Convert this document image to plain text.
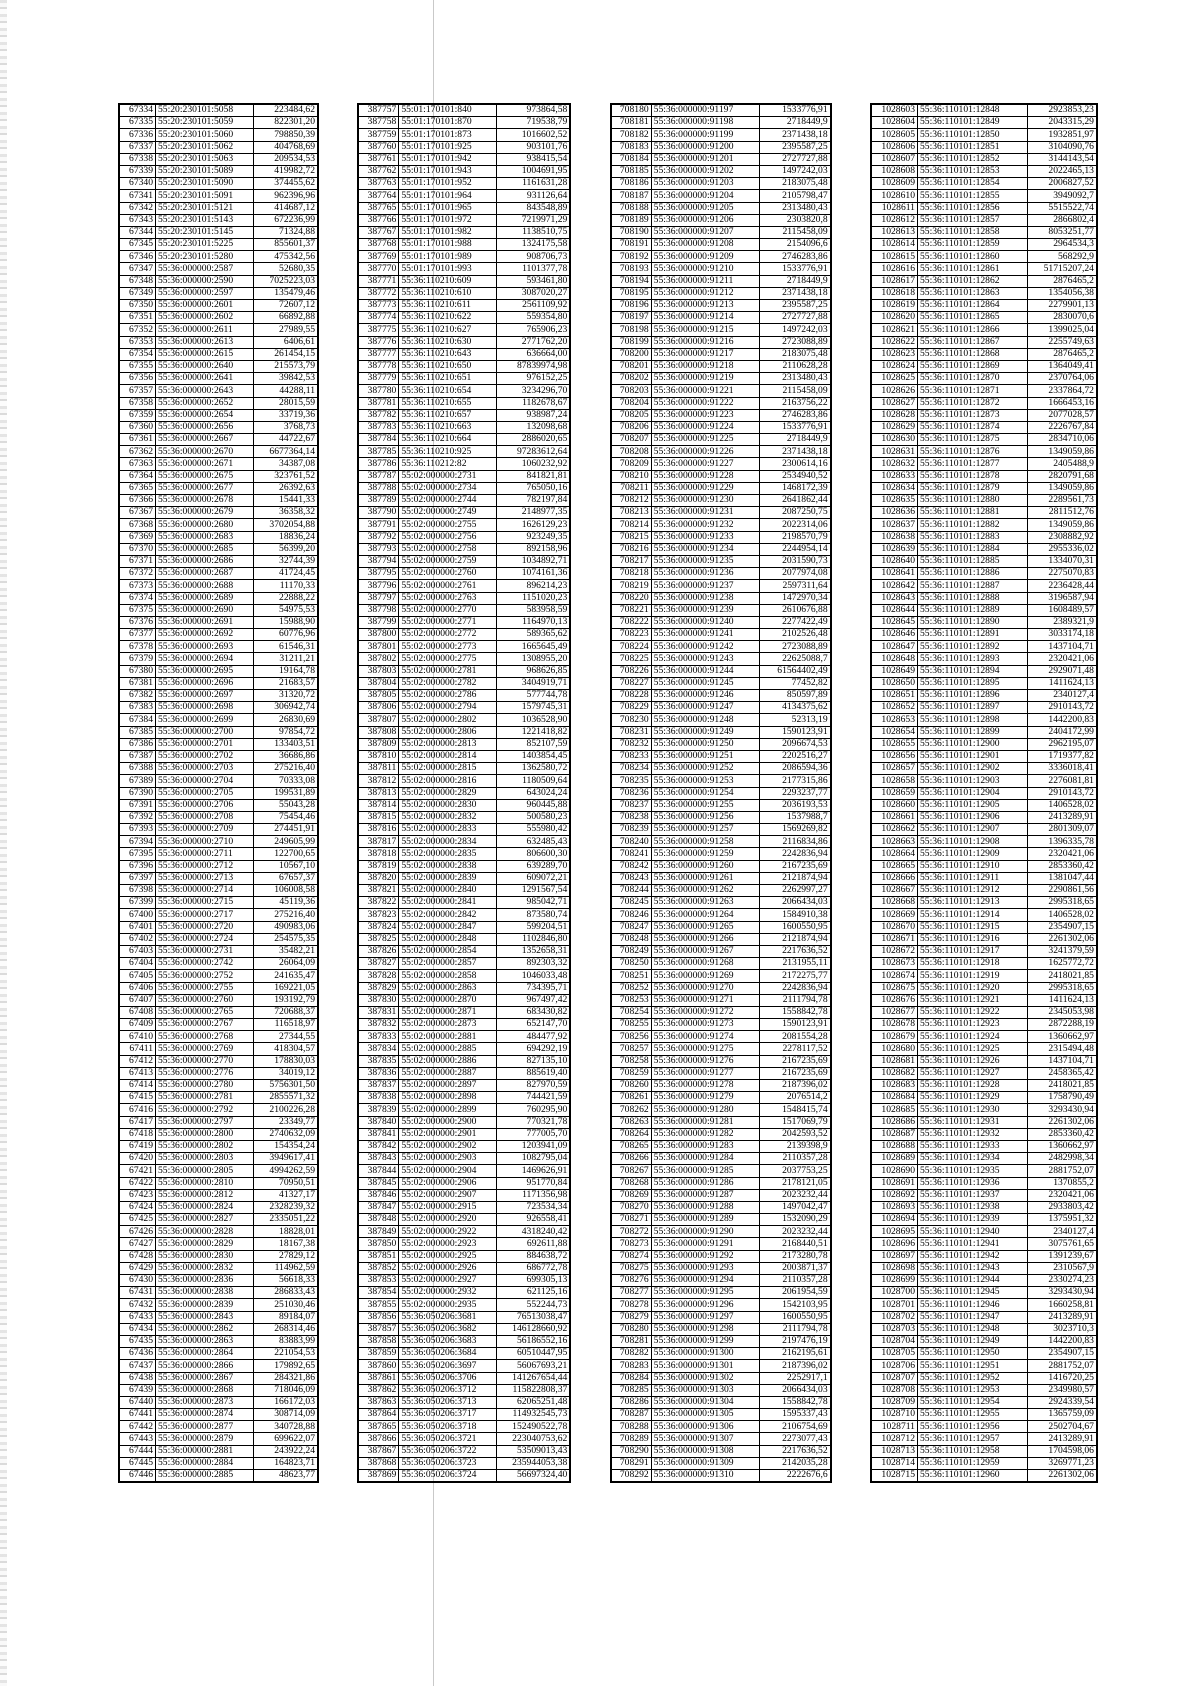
67334	55:20:230101:5058	223484,62
67335	55:20:230101:5059	822301,20
67336	55:20:230101:5060	798850,39
67337	55:20:230101:5062	404768,69
67338	55:20:230101:5063	209534,53
67339	55:20:230101:5089	419982,72
67340	55:20:230101:5090	374455,62
67341	55:20:230101:5091	962396,96
67342	55:20:230101:5121	414687,12
67343	55:20:230101:5143	672236,99
67344	55:20:230101:5145	71324,88
67345	55:20:230101:5225	855601,37
67346	55:20:230101:5280	475342,56
67347	55:36:000000:2587	52680,35
67348	55:36:000000:2590	7025223,03
67349	55:36:000000:2597	135479,46
67350	55:36:000000:2601	72607,12
67351	55:36:000000:2602	66892,88
67352	55:36:000000:2611	27989,55
67353	55:36:000000:2613	6406,61
67354	55:36:000000:2615	261454,15
67355	55:36:000000:2640	215573,79
67356	55:36:000000:2641	39842,53
67357	55:36:000000:2643	44288,11
67358	55:36:000000:2652	28015,59
67359	55:36:000000:2654	33719,36
67360	55:36:000000:2656	3768,73
67361	55:36:000000:2667	44722,67
67362	55:36:000000:2670	6677364,14
67363	55:36:000000:2671	34387,08
67364	55:36:000000:2675	323761,52
67365	55:36:000000:2677	26392,63
67366	55:36:000000:2678	15441,33
67367	55:36:000000:2679	36358,32
67368	55:36:000000:2680	3702054,88
67369	55:36:000000:2683	18836,24
67370	55:36:000000:2685	56399,20
67371	55:36:000000:2686	32744,39
67372	55:36:000000:2687	41724,45
67373	55:36:000000:2688	11170,33
67374	55:36:000000:2689	22888,22
67375	55:36:000000:2690	54975,53
67376	55:36:000000:2691	15988,90
67377	55:36:000000:2692	60776,96
67378	55:36:000000:2693	61546,31
67379	55:36:000000:2694	31211,21
67380	55:36:000000:2695	19164,78
67381	55:36:000000:2696	21683,57
67382	55:36:000000:2697	31320,72
67383	55:36:000000:2698	306942,74
67384	55:36:000000:2699	26830,69
67385	55:36:000000:2700	97854,72
67386	55:36:000000:2701	133403,51
67387	55:36:000000:2702	36686,86
67388	55:36:000000:2703	275216,40
67389	55:36:000000:2704	70333,08
67390	55:36:000000:2705	199531,89
67391	55:36:000000:2706	55043,28
67392	55:36:000000:2708	75454,46
67393	55:36:000000:2709	274451,91
67394	55:36:000000:2710	249605,99
67395	55:36:000000:2711	122700,65
67396	55:36:000000:2712	10567,10
67397	55:36:000000:2713	67657,37
67398	55:36:000000:2714	106008,58
67399	55:36:000000:2715	45119,36
67400	55:36:000000:2717	275216,40
67401	55:36:000000:2720	490983,06
67402	55:36:000000:2724	254575,35
67403	55:36:000000:2731	35482,21
67404	55:36:000000:2742	26064,09
67405	55:36:000000:2752	241635,47
67406	55:36:000000:2755	169221,05
67407	55:36:000000:2760	193192,79
67408	55:36:000000:2765	720688,37
67409	55:36:000000:2767	116518,97
67410	55:36:000000:2768	27344,55
67411	55:36:000000:2769	418304,57
67412	55:36:000000:2770	178830,03
67413	55:36:000000:2776	34019,12
67414	55:36:000000:2780	5756301,50
67415	55:36:000000:2781	2855571,32
67416	55:36:000000:2792	2100226,28
67417	55:36:000000:2797	23349,77
67418	55:36:000000:2800	2740632,09
67419	55:36:000000:2802	154354,24
67420	55:36:000000:2803	3949617,41
67421	55:36:000000:2805	4994262,59
67422	55:36:000000:2810	70950,51
67423	55:36:000000:2812	41327,17
67424	55:36:000000:2824	2328239,32
67425	55:36:000000:2827	2335051,22
67426	55:36:000000:2828	18828,01
67427	55:36:000000:2829	18167,38
67428	55:36:000000:2830	27829,12
67429	55:36:000000:2832	114962,59
67430	55:36:000000:2836	56618,33
67431	55:36:000000:2838	286833,43
67432	55:36:000000:2839	251030,46
67433	55:36:000000:2843	89184,07
67434	55:36:000000:2862	268314,46
67435	55:36:000000:2863	83883,99
67436	55:36:000000:2864	221054,53
67437	55:36:000000:2866	179892,65
67438	55:36:000000:2867	284321,86
67439	55:36:000000:2868	718046,09
67440	55:36:000000:2873	166172,03
67441	55:36:000000:2874	308714,09
67442	55:36:000000:2877	340728,88
67443	55:36:000000:2879	699622,07
67444	55:36:000000:2881	243922,24
67445	55:36:000000:2884	164823,71
67446	55:36:000000:2885	48623,77
387757	55:01:170101:840	973864,58
387758	55:01:170101:870	719538,79
387759	55:01:170101:873	1016602,52
387760	55:01:170101:925	903101,76
387761	55:01:170101:942	938415,54
387762	55:01:170101:943	1004691,95
387763	55:01:170101:952	1161631,28
387764	55:01:170101:964	931126,64
387765	55:01:170101:965	843548,89
387766	55:01:170101:972	7219971,29
387767	55:01:170101:982	1138510,75
387768	55:01:170101:988	1324175,58
387769	55:01:170101:989	908706,73
387770	55:01:170101:993	1101377,78
387771	55:36:110210:609	593461,80
387772	55:36:110210:610	3087020,27
387773	55:36:110210:611	2561109,92
387774	55:36:110210:622	559354,80
387775	55:36:110210:627	765906,23
387776	55:36:110210:630	2771762,20
387777	55:36:110210:643	636664,00
387778	55:36:110210:650	87839974,98
387779	55:36:110210:651	976152,25
387780	55:36:110210:654	3234296,70
387781	55:36:110210:655	1182678,67
387782	55:36:110210:657	938987,24
387783	55:36:110210:663	132098,68
387784	55:36:110210:664	2886020,65
387785	55:36:110210:925	97283612,64
387786	55:36:110212:82	1060232,92
387787	55:02:000000:2731	841821,81
387788	55:02:000000:2734	765050,16
387789	55:02:000000:2744	782197,84
387790	55:02:000000:2749	2148977,35
387791	55:02:000000:2755	1626129,23
387792	55:02:000000:2756	923249,35
387793	55:02:000000:2758	892158,96
387794	55:02:000000:2759	1034892,71
387795	55:02:000000:2760	1074161,36
387796	55:02:000000:2761	896214,23
387797	55:02:000000:2763	1151020,23
387798	55:02:000000:2770	583958,59
387799	55:02:000000:2771	1164970,13
387800	55:02:000000:2772	589365,62
387801	55:02:000000:2773	1665645,49
387802	55:02:000000:2775	1308955,20
387803	55:02:000000:2781	968626,85
387804	55:02:000000:2782	3404919,71
387805	55:02:000000:2786	577744,78
387806	55:02:000000:2794	1579745,31
387807	55:02:000000:2802	1036528,90
387808	55:02:000000:2806	1221418,82
387809	55:02:000000:2813	852107,59
387810	55:02:000000:2814	1403854,45
387811	55:02:000000:2815	1362580,72
387812	55:02:000000:2816	1180509,64
387813	55:02:000000:2829	643024,24
387814	55:02:000000:2830	960445,88
387815	55:02:000000:2832	500580,23
387816	55:02:000000:2833	555980,42
387817	55:02:000000:2834	632485,43
387818	55:02:000000:2835	806600,30
387819	55:02:000000:2838	639289,70
387820	55:02:000000:2839	609072,21
387821	55:02:000000:2840	1291567,54
387822	55:02:000000:2841	985042,71
387823	55:02:000000:2842	873580,74
387824	55:02:000000:2847	599204,51
387825	55:02:000000:2848	1102846,80
387826	55:02:000000:2854	1352658,31
387827	55:02:000000:2857	892303,32
387828	55:02:000000:2858	1046033,48
387829	55:02:000000:2863	734395,71
387830	55:02:000000:2870	967497,42
387831	55:02:000000:2871	683430,82
387832	55:02:000000:2873	652147,70
387833	55:02:000000:2881	484477,92
387834	55:02:000000:2885	694292,19
387835	55:02:000000:2886	827135,10
387836	55:02:000000:2887	885619,40
387837	55:02:000000:2897	827970,59
387838	55:02:000000:2898	744421,59
387839	55:02:000000:2899	760295,90
387840	55:02:000000:2900	770321,78
387841	55:02:000000:2901	777005,70
387842	55:02:000000:2902	1203941,09
387843	55:02:000000:2903	1082795,04
387844	55:02:000000:2904	1469626,91
387845	55:02:000000:2906	951770,84
387846	55:02:000000:2907	1171356,98
387847	55:02:000000:2915	723534,34
387848	55:02:000000:2920	926558,41
387849	55:02:000000:2922	4318240,42
387850	55:02:000000:2923	692611,88
387851	55:02:000000:2925	884638,72
387852	55:02:000000:2926	686772,78
387853	55:02:000000:2927	699305,13
387854	55:02:000000:2932	621125,16
387855	55:02:000000:2935	552244,73
387856	55:36:050206:3681	76513038,47
387857	55:36:050206:3682	146128660,92
387858	55:36:050206:3683	56186552,16
387859	55:36:050206:3684	60510447,95
387860	55:36:050206:3697	56067693,21
387861	55:36:050206:3706	141267654,44
387862	55:36:050206:3712	115822808,37
387863	55:36:050206:3713	62065251,48
387864	55:36:050206:3717	114932545,73
387865	55:36:050206:3718	152490522,78
387866	55:36:050206:3721	223040753,62
387867	55:36:050206:3722	53509013,43
387868	55:36:050206:3723	235944053,38
387869	55:36:050206:3724	56697324,40
708180	55:36:000000:91197	1533776,91
708181	55:36:000000:91198	2718449,9
708182	55:36:000000:91199	2371438,18
708183	55:36:000000:91200	2395587,25
708184	55:36:000000:91201	2727727,88
708185	55:36:000000:91202	1497242,03
708186	55:36:000000:91203	2183075,48
708187	55:36:000000:91204	2105798,47
708188	55:36:000000:91205	2313480,43
708189	55:36:000000:91206	2303820,8
708190	55:36:000000:91207	2115458,09
708191	55:36:000000:91208	2154096,6
708192	55:36:000000:91209	2746283,86
708193	55:36:000000:91210	1533776,91
708194	55:36:000000:91211	2718449,9
708195	55:36:000000:91212	2371438,18
708196	55:36:000000:91213	2395587,25
708197	55:36:000000:91214	2727727,88
708198	55:36:000000:91215	1497242,03
708199	55:36:000000:91216	2723088,89
708200	55:36:000000:91217	2183075,48
708201	55:36:000000:91218	2110628,28
708202	55:36:000000:91219	2313480,43
708203	55:36:000000:91221	2115458,09
708204	55:36:000000:91222	2163756,22
708205	55:36:000000:91223	2746283,86
708206	55:36:000000:91224	1533776,91
708207	55:36:000000:91225	2718449,9
708208	55:36:000000:91226	2371438,18
708209	55:36:000000:91227	2300614,16
708210	55:36:000000:91228	2534940,52
708211	55:36:000000:91229	1468172,39
708212	55:36:000000:91230	2641862,44
708213	55:36:000000:91231	2087250,75
708214	55:36:000000:91232	2022314,06
708215	55:36:000000:91233	2198570,79
708216	55:36:000000:91234	2244954,14
708217	55:36:000000:91235	2031590,73
708218	55:36:000000:91236	2077974,08
708219	55:36:000000:91237	2597311,64
708220	55:36:000000:91238	1472970,34
708221	55:36:000000:91239	2610676,88
708222	55:36:000000:91240	2277422,49
708223	55:36:000000:91241	2102526,48
708224	55:36:000000:91242	2723088,89
708225	55:36:000000:91243	22625088,7
708226	55:36:000000:91244	61564402,49
708227	55:36:000000:91245	77452,82
708228	55:36:000000:91246	850597,89
708229	55:36:000000:91247	4134375,62
708230	55:36:000000:91248	52313,19
708231	55:36:000000:91249	1590123,91
708232	55:36:000000:91250	2096674,53
708233	55:36:000000:91251	2202516,27
708234	55:36:000000:91252	2086594,36
708235	55:36:000000:91253	2177315,86
708236	55:36:000000:91254	2293237,77
708237	55:36:000000:91255	2036193,53
708238	55:36:000000:91256	1537988,7
708239	55:36:000000:91257	1569269,82
708240	55:36:000000:91258	2116834,86
708241	55:36:000000:91259	2242836,94
708242	55:36:000000:91260	2167235,69
708243	55:36:000000:91261	2121874,94
708244	55:36:000000:91262	2262997,27
708245	55:36:000000:91263	2066434,03
708246	55:36:000000:91264	1584910,38
708247	55:36:000000:91265	1600550,95
708248	55:36:000000:91266	2121874,94
708249	55:36:000000:91267	2217636,52
708250	55:36:000000:91268	2131955,11
708251	55:36:000000:91269	2172275,77
708252	55:36:000000:91270	2242836,94
708253	55:36:000000:91271	2111794,78
708254	55:36:000000:91272	1558842,78
708255	55:36:000000:91273	1590123,91
708256	55:36:000000:91274	2081554,28
708257	55:36:000000:91275	2278117,52
708258	55:36:000000:91276	2167235,69
708259	55:36:000000:91277	2167235,69
708260	55:36:000000:91278	2187396,02
708261	55:36:000000:91279	2076514,2
708262	55:36:000000:91280	1548415,74
708263	55:36:000000:91281	1517069,79
708264	55:36:000000:91282	2042593,52
708265	55:36:000000:91283	2139398,9
708266	55:36:000000:91284	2110357,28
708267	55:36:000000:91285	2037753,25
708268	55:36:000000:91286	2178121,05
708269	55:36:000000:91287	2023232,44
708270	55:36:000000:91288	1497042,47
708271	55:36:000000:91289	1532090,29
708272	55:36:000000:91290	2023232,44
708273	55:36:000000:91291	2168440,51
708274	55:36:000000:91292	2173280,78
708275	55:36:000000:91293	2003871,37
708276	55:36:000000:91294	2110357,28
708277	55:36:000000:91295	2061954,59
708278	55:36:000000:91296	1542103,95
708279	55:36:000000:91297	1600550,95
708280	55:36:000000:91298	2111794,78
708281	55:36:000000:91299	2197476,19
708282	55:36:000000:91300	2162195,61
708283	55:36:000000:91301	2187396,02
708284	55:36:000000:91302	2252917,1
708285	55:36:000000:91303	2066434,03
708286	55:36:000000:91304	1558842,78
708287	55:36:000000:91305	1595337,43
708288	55:36:000000:91306	2106754,69
708289	55:36:000000:91307	2273077,43
708290	55:36:000000:91308	2217636,52
708291	55:36:000000:91309	2142035,28
708292	55:36:000000:91310	2222676,6
1028603	55:36:110101:12848	2923853,23
1028604	55:36:110101:12849	2043315,29
1028605	55:36:110101:12850	1932851,97
1028606	55:36:110101:12851	3104090,76
1028607	55:36:110101:12852	3144143,54
1028608	55:36:110101:12853	2022465,13
1028609	55:36:110101:12854	2006827,52
1028610	55:36:110101:12855	3949092,7
1028611	55:36:110101:12856	5515522,74
1028612	55:36:110101:12857	2866802,4
1028613	55:36:110101:12858	8053251,77
1028614	55:36:110101:12859	2964534,3
1028615	55:36:110101:12860	568292,9
1028616	55:36:110101:12861	51715207,24
1028617	55:36:110101:12862	2876465,2
1028618	55:36:110101:12863	1354056,38
1028619	55:36:110101:12864	2279901,13
1028620	55:36:110101:12865	2830070,6
1028621	55:36:110101:12866	1399025,04
1028622	55:36:110101:12867	2255749,63
1028623	55:36:110101:12868	2876465,2
1028624	55:36:110101:12869	1364049,41
1028625	55:36:110101:12870	2370764,06
1028626	55:36:110101:12871	2337864,72
1028627	55:36:110101:12872	1666453,16
1028628	55:36:110101:12873	2077028,57
1028629	55:36:110101:12874	2226767,84
1028630	55:36:110101:12875	2834710,06
1028631	55:36:110101:12876	1349059,86
1028632	55:36:110101:12877	2405488,9
1028633	55:36:110101:12878	2820791,68
1028634	55:36:110101:12879	1349059,86
1028635	55:36:110101:12880	2289561,73
1028636	55:36:110101:12881	2811512,76
1028637	55:36:110101:12882	1349059,86
1028638	55:36:110101:12883	2308882,92
1028639	55:36:110101:12884	2955336,02
1028640	55:36:110101:12885	1334070,31
1028641	55:36:110101:12886	2275070,83
1028642	55:36:110101:12887	2236428,44
1028643	55:36:110101:12888	3196587,94
1028644	55:36:110101:12889	1608489,57
1028645	55:36:110101:12890	2389321,9
1028646	55:36:110101:12891	3033174,18
1028647	55:36:110101:12892	1437104,71
1028648	55:36:110101:12893	2320421,06
1028649	55:36:110101:12894	2929071,48
1028650	55:36:110101:12895	1411624,13
1028651	55:36:110101:12896	2340127,4
1028652	55:36:110101:12897	2910143,72
1028653	55:36:110101:12898	1442200,83
1028654	55:36:110101:12899	2404172,99
1028655	55:36:110101:12900	2962195,07
1028656	55:36:110101:12901	1719377,82
1028657	55:36:110101:12902	3336018,41
1028658	55:36:110101:12903	2276081,81
1028659	55:36:110101:12904	2910143,72
1028660	55:36:110101:12905	1406528,02
1028661	55:36:110101:12906	2413289,91
1028662	55:36:110101:12907	2801309,07
1028663	55:36:110101:12908	1396335,78
1028664	55:36:110101:12909	2320421,06
1028665	55:36:110101:12910	2853360,42
1028666	55:36:110101:12911	1381047,44
1028667	55:36:110101:12912	2290861,56
1028668	55:36:110101:12913	2995318,65
1028669	55:36:110101:12914	1406528,02
1028670	55:36:110101:12915	2354907,15
1028671	55:36:110101:12916	2261302,06
1028672	55:36:110101:12917	3241379,59
1028673	55:36:110101:12918	1625772,72
1028674	55:36:110101:12919	2418021,85
1028675	55:36:110101:12920	2995318,65
1028676	55:36:110101:12921	1411624,13
1028677	55:36:110101:12922	2345053,98
1028678	55:36:110101:12923	2872288,19
1028679	55:36:110101:12924	1360662,97
1028680	55:36:110101:12925	2315494,48
1028681	55:36:110101:12926	1437104,71
1028682	55:36:110101:12927	2458365,42
1028683	55:36:110101:12928	2418021,85
1028684	55:36:110101:12929	1758790,49
1028685	55:36:110101:12930	3293430,94
1028686	55:36:110101:12931	2261302,06
1028687	55:36:110101:12932	2853360,42
1028688	55:36:110101:12933	1360662,97
1028689	55:36:110101:12934	2482998,34
1028690	55:36:110101:12935	2881752,07
1028691	55:36:110101:12936	1370855,2
1028692	55:36:110101:12937	2320421,06
1028693	55:36:110101:12938	2933803,42
1028694	55:36:110101:12939	1375951,32
1028695	55:36:110101:12940	2340127,4
1028696	55:36:110101:12941	3075761,65
1028697	55:36:110101:12942	1391239,67
1028698	55:36:110101:12943	2310567,9
1028699	55:36:110101:12944	2330274,23
1028700	55:36:110101:12945	3293430,94
1028701	55:36:110101:12946	1660258,81
1028702	55:36:110101:12947	2413289,91
1028703	55:36:110101:12948	3023710,3
1028704	55:36:110101:12949	1442200,83
1028705	55:36:110101:12950	2354907,15
1028706	55:36:110101:12951	2881752,07
1028707	55:36:110101:12952	1416720,25
1028708	55:36:110101:12953	2349980,57
1028709	55:36:110101:12954	2924339,54
1028710	55:36:110101:12955	1365759,09
1028711	55:36:110101:12956	2502704,67
1028712	55:36:110101:12957	2413289,91
1028713	55:36:110101:12958	1704598,06
1028714	55:36:110101:12959	3269771,23
1028715	55:36:110101:12960	2261302,06
